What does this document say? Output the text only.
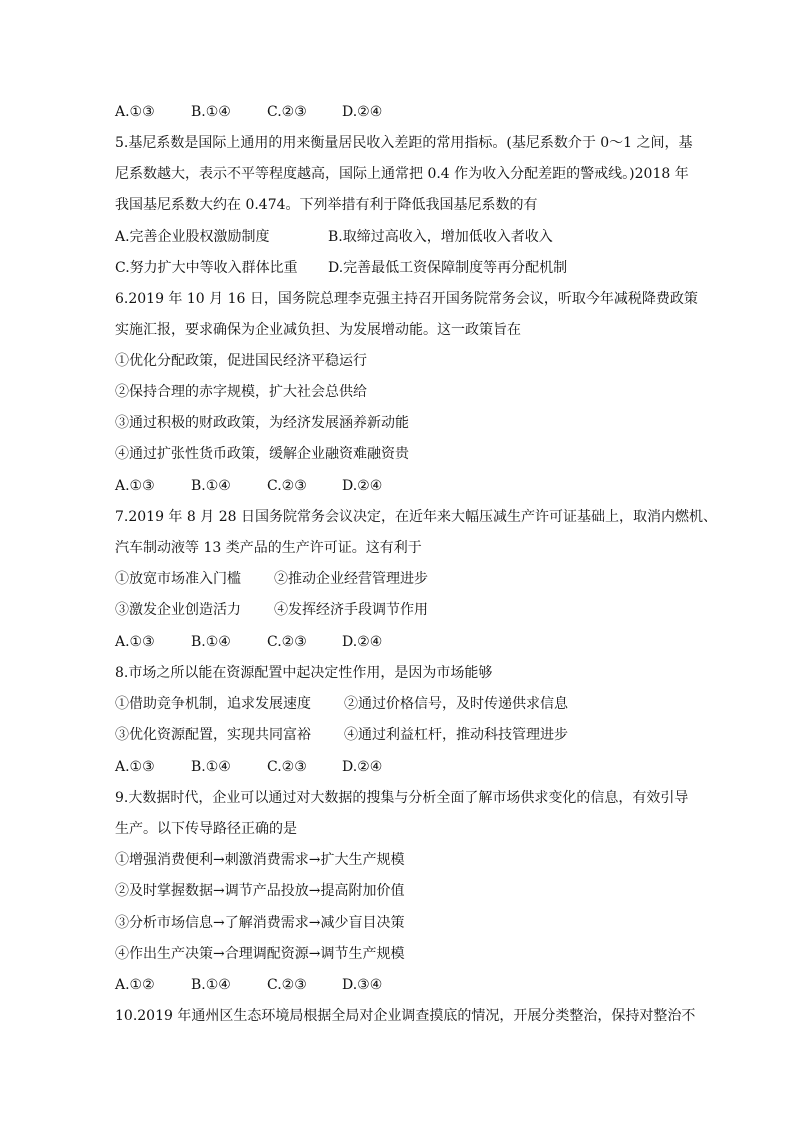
A.①③	B.①④	C.②③	D.②④
5.基尼系数是国际上通用的用来衡量居民收入差距的常用指标。(基尼系数介于 0～1 之间，基
尼系数越大，表示不平等程度越高，国际上通常把 0.4 作为收入分配差距的警戒线。)2018 年
我国基尼系数大约在 0.474。下列举措有利于降低我国基尼系数的有
A.完善企业股权激励制度	B.取缔过高收入，增加低收入者收入
C.努力扩大中等收入群体比重 D.完善最低工资保障制度等再分配机制
6.2019 年 10 月 16 日，国务院总理李克强主持召开国务院常务会议，听取今年减税降费政策
实施汇报，要求确保为企业减负担、为发展增动能。这一政策旨在
①优化分配政策，促进国民经济平稳运行
②保持合理的赤字规模，扩大社会总供给
③通过积极的财政政策，为经济发展涵养新动能
④通过扩张性货币政策，缓解企业融资难融资贵
A.①③	B.①④	C.②③	D.②④
7.2019 年 8 月 28 日国务院常务会议决定，在近年来大幅压减生产许可证基础上，取消内燃机、
汽车制动液等 13 类产品的生产许可证。这有利于
①放宽市场准入门槛 ②推动企业经营管理进步
③激发企业创造活力 ④发挥经济手段调节作用
A.①③	B.①④	C.②③	D.②④
8.市场之所以能在资源配置中起决定性作用，是因为市场能够
①借助竞争机制，追求发展速度 ②通过价格信号，及时传递供求信息
③优化资源配置，实现共同富裕 ④通过利益杠杆，推动科技管理进步
A.①③	B.①④	C.②③	D.②④
9.大数据时代，企业可以通过对大数据的搜集与分析全面了解市场供求变化的信息，有效引导
生产。以下传导路径正确的是
①增强消费便利→刺激消费需求→扩大生产规模
②及时掌握数据→调节产品投放→提高附加价值
③分析市场信息→了解消费需求→减少盲目决策
④作出生产决策→合理调配资源→调节生产规模
A.①②	B.①④	C.②③	D.③④
10.2019 年通州区生态环境局根据全局对企业调查摸底的情况，开展分类整治，保持对整治不
